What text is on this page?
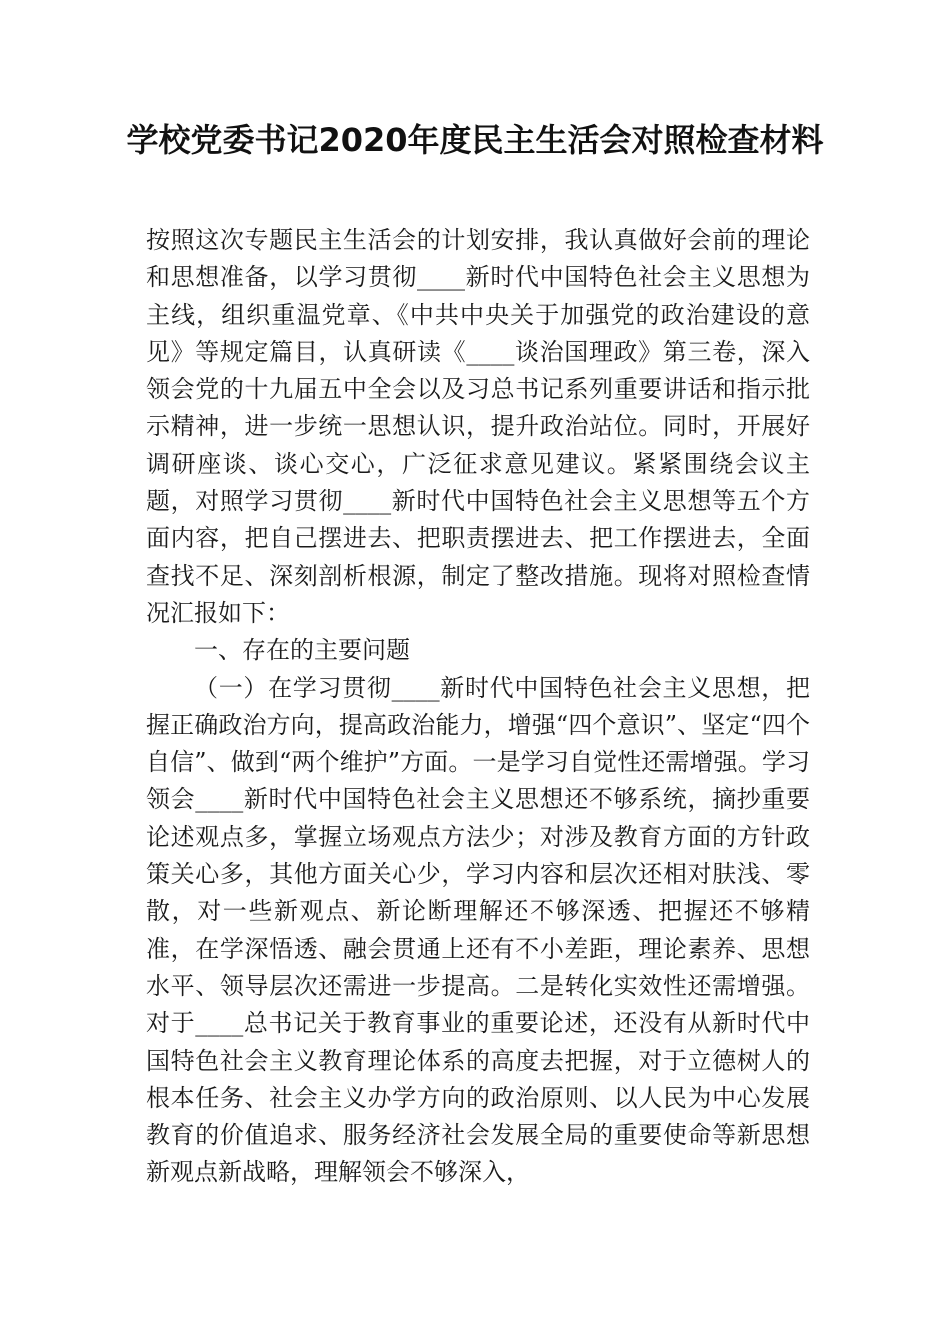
学校党委书记2020年度民主生活会对照检查材料

按照这次专题民主生活会的计划安排，我认真做好会前的理论和思想准备，以学习贯彻____新时代中国特色社会主义思想为主线，组织重温党章、《中共中央关于加强党的政治建设的意见》等规定篇目，认真研读《____谈治国理政》第三卷，深入领会党的十九届五中全会以及习总书记系列重要讲话和指示批示精神，进一步统一思想认识，提升政治站位。同时，开展好调研座谈、谈心交心，广泛征求意见建议。紧紧围绕会议主题，对照学习贯彻____新时代中国特色社会主义思想等五个方面内容，把自己摆进去、把职责摆进去、把工作摆进去，全面查找不足、深刻剖析根源，制定了整改措施。现将对照检查情况汇报如下：

一、存在的主要问题

（一）在学习贯彻____新时代中国特色社会主义思想，把握正确政治方向，提高政治能力，增强“四个意识”、坚定“四个自信”、做到“两个维护”方面。一是学习自觉性还需增强。学习领会____新时代中国特色社会主义思想还不够系统，摘抄重要论述观点多，掌握立场观点方法少；对涉及教育方面的方针政策关心多，其他方面关心少，学习内容和层次还相对肤浅、零散，对一些新观点、新论断理解还不够深透、把握还不够精准，在学深悟透、融会贯通上还有不小差距，理论素养、思想水平、领导层次还需进一步提高。二是转化实效性还需增强。对于____总书记关于教育事业的重要论述，还没有从新时代中国特色社会主义教育理论体系的高度去把握，对于立德树人的根本任务、社会主义办学方向的政治原则、以人民为中心发展教育的价值追求、服务经济社会发展全局的重要使命等新思想新观点新战略，理解领会不够深入，
